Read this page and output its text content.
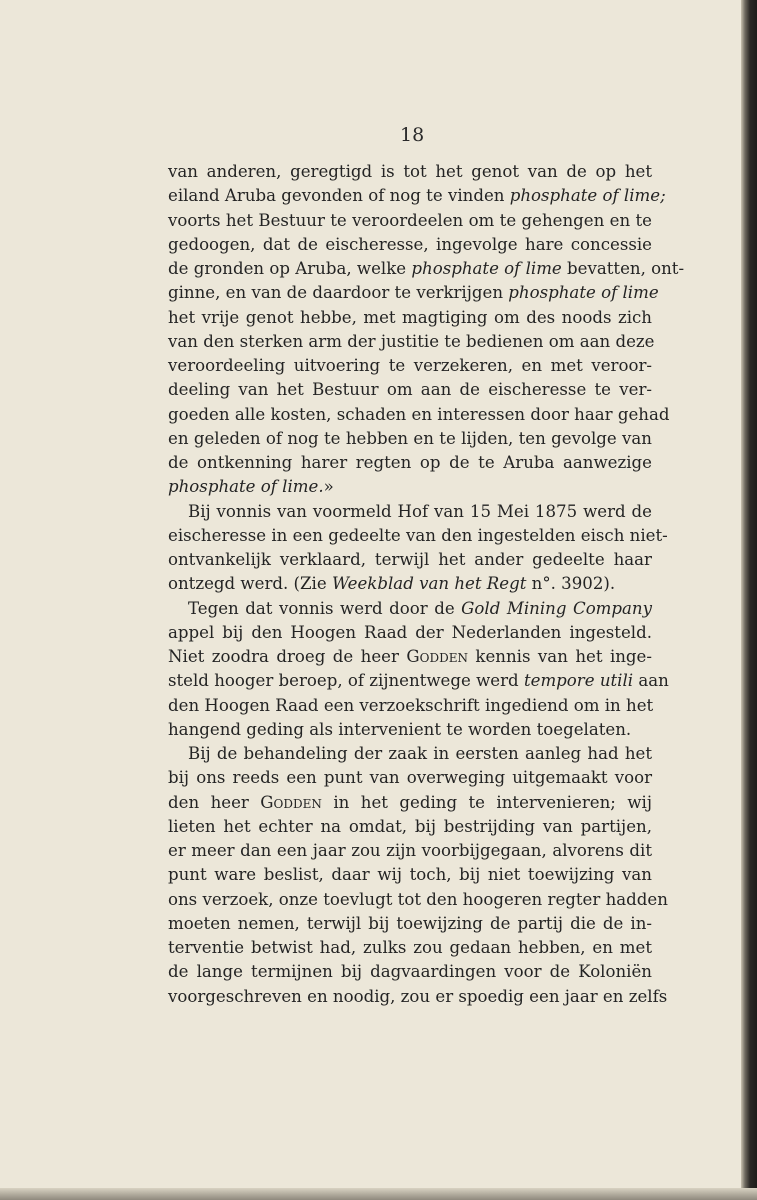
18
van anderen, geregtigd is tot het genot van de op het
eiland Aruba gevonden of nog te vinden phosphate of lime;
voorts het Bestuur te veroordeelen om te gehengen en te
gedoogen, dat de eischeresse, ingevolge hare concessie
de gronden op Aruba, welke phosphate of lime bevatten, ont-
ginne, en van de daardoor te verkrijgen phosphate of lime
het vrije genot hebbe, met magtiging om des noods zich
van den sterken arm der justitie te bedienen om aan deze
veroordeeling uitvoering te verzekeren, en met veroor-
deeling van het Bestuur om aan de eischeresse te ver-
goeden alle kosten, schaden en interessen door haar gehad
en geleden of nog te hebben en te lijden, ten gevolge van
de ontkenning harer regten op de te Aruba aanwezige
phosphate of lime.»
Bij vonnis van voormeld Hof van 15 Mei 1875 werd de
eischeresse in een gedeelte van den ingestelden eisch niet-
ontvankelijk verklaard, terwijl het ander gedeelte haar
ontzegd werd. (Zie Weekblad van het Regt n°. 3902).
Tegen dat vonnis werd door de Gold Mining Company
appel bij den Hoogen Raad der Nederlanden ingesteld.
Niet zoodra droeg de heer Godden kennis van het inge-
steld hooger beroep, of zijnentwege werd tempore utili aan
den Hoogen Raad een verzoekschrift ingediend om in het
hangend geding als intervenient te worden toegelaten.
Bij de behandeling der zaak in eersten aanleg had het
bij ons reeds een punt van overweging uitgemaakt voor
den heer Godden in het geding te intervenieren; wij
lieten het echter na omdat, bij bestrijding van partijen,
er meer dan een jaar zou zijn voorbijgegaan, alvorens dit
punt ware beslist, daar wij toch, bij niet toewijzing van
ons verzoek, onze toevlugt tot den hoogeren regter hadden
moeten nemen, terwijl bij toewijzing de partij die de in-
terventie betwist had, zulks zou gedaan hebben, en met
de lange termijnen bij dagvaardingen voor de Koloniën
voorgeschreven en noodig, zou er spoedig een jaar en zelfs
